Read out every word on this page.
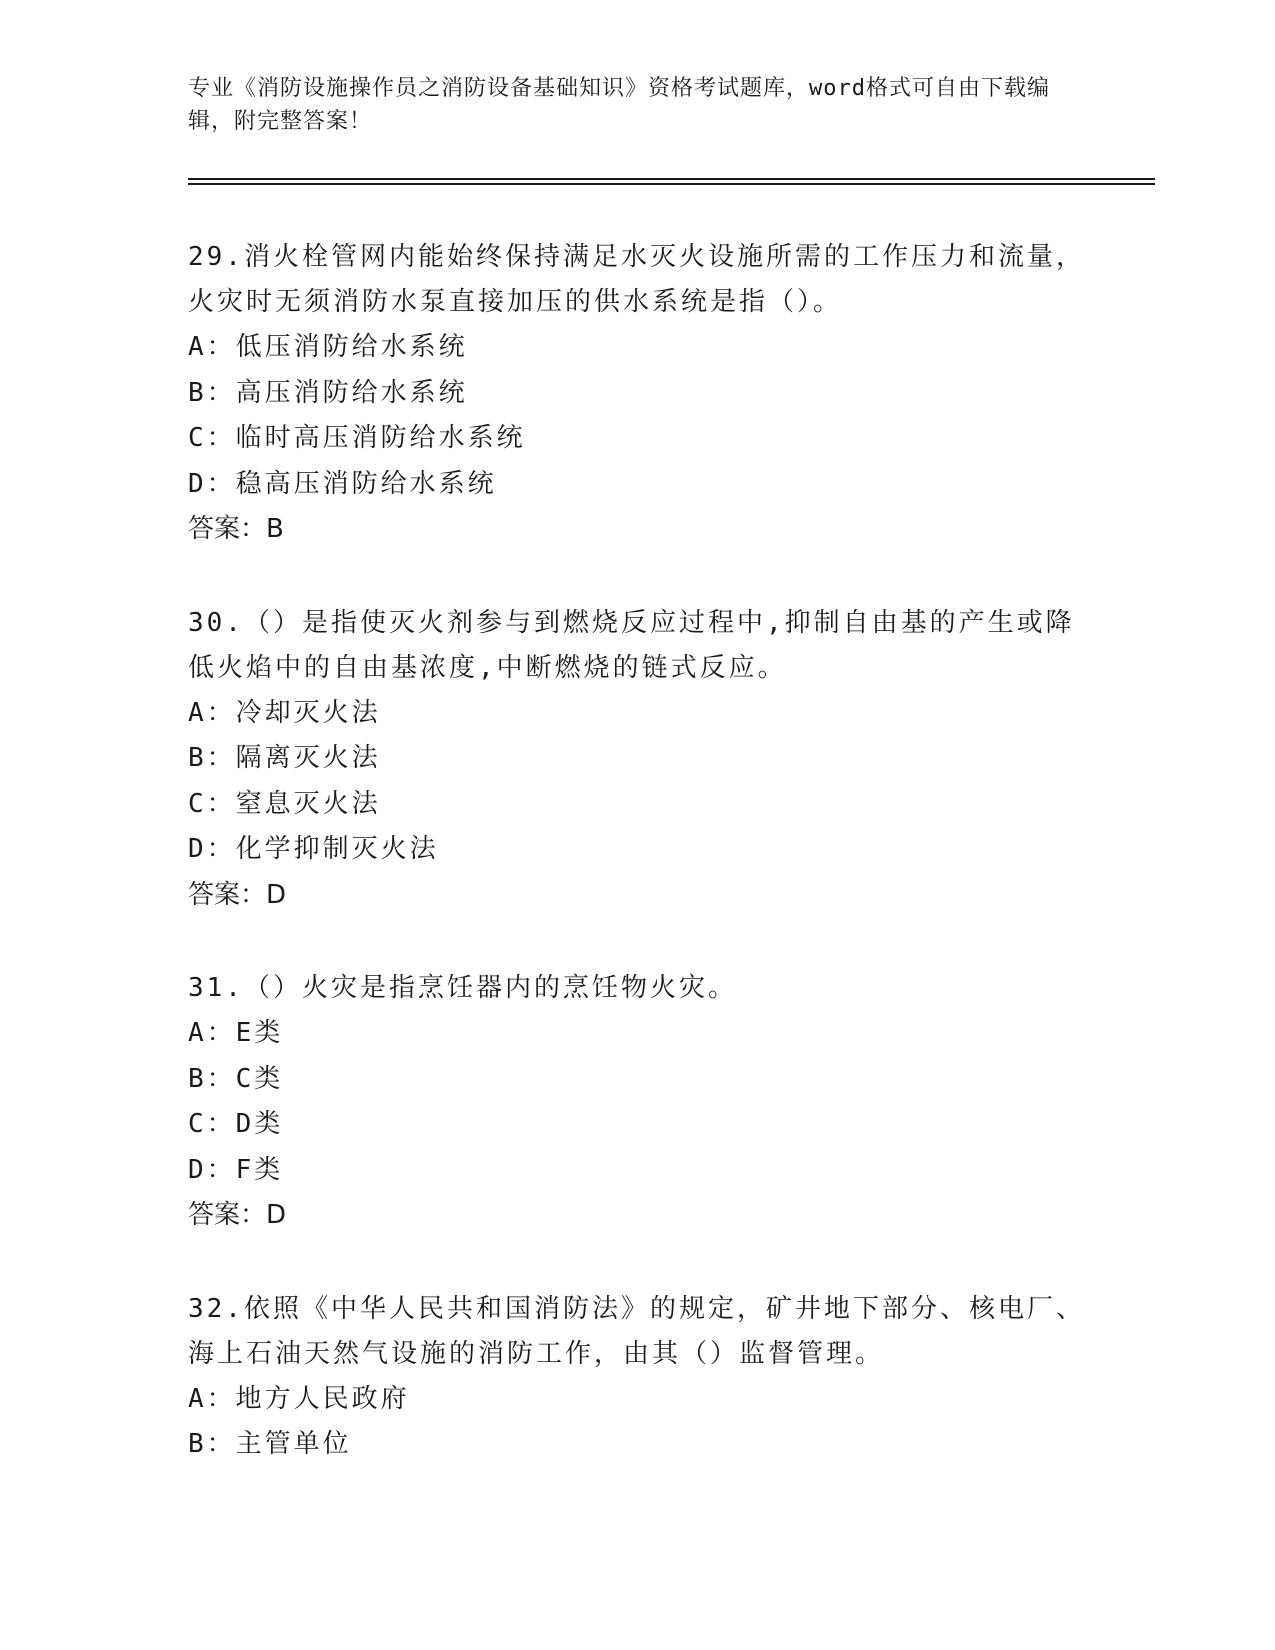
专业《消防设施操作员之消防设备基础知识》资格考试题库，word格式可自由下载编辑，附完整答案！
29.消火栓管网内能始终保持满足水灭火设施所需的工作压力和流量，火灾时无须消防水泵直接加压的供水系统是指（）。
A：低压消防给水系统
B：高压消防给水系统
C：临时高压消防给水系统
D：稳高压消防给水系统
答案：B
30.（）是指使灭火剂参与到燃烧反应过程中,抑制自由基的产生或降低火焰中的自由基浓度,中断燃烧的链式反应。
A：冷却灭火法
B：隔离灭火法
C：窒息灭火法
D：化学抑制灭火法
答案：D
31.（）火灾是指烹饪器内的烹饪物火灾。
A：E类
B：C类
C：D类
D：F类
答案：D
32.依照《中华人民共和国消防法》的规定，矿井地下部分、核电厂、海上石油天然气设施的消防工作，由其（）监督管理。
A：地方人民政府
B：主管单位
